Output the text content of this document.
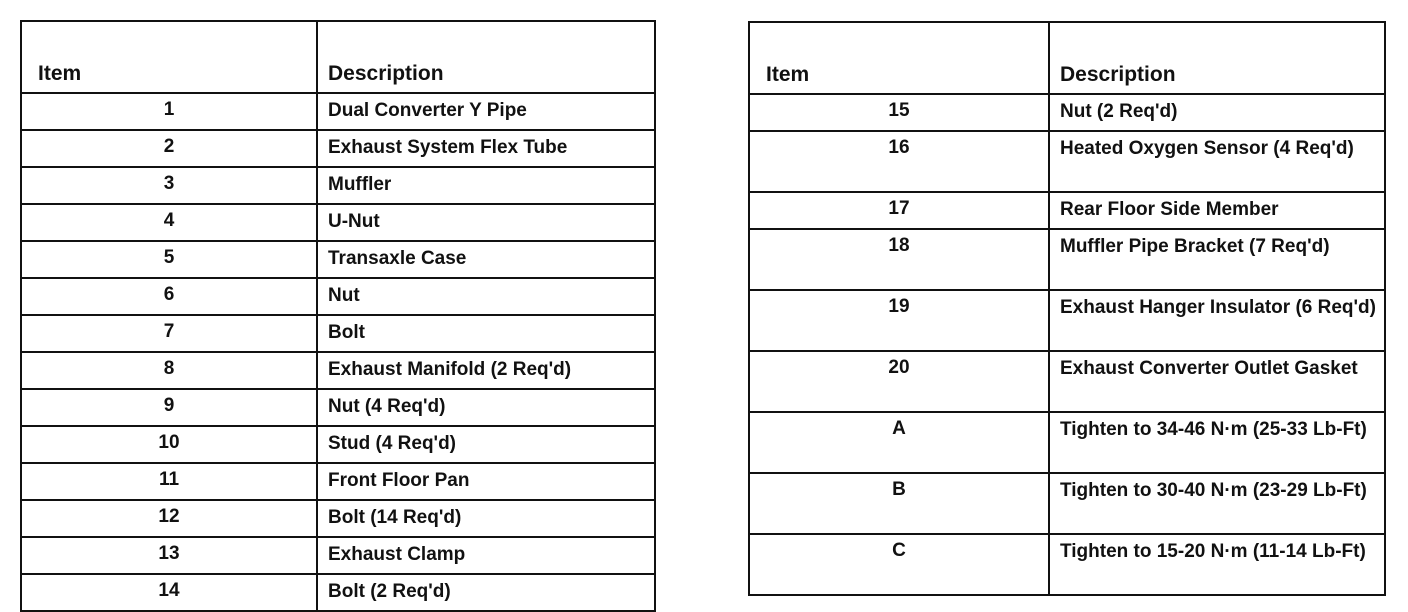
Item	Description
1	Dual Converter Y Pipe
2	Exhaust System Flex Tube
3	Muffler
4	U-Nut
5	Transaxle Case
6	Nut
7	Bolt
8	Exhaust Manifold (2 Req'd)
9	Nut (4 Req'd)
10	Stud (4 Req'd)
11	Front Floor Pan
12	Bolt (14 Req'd)
13	Exhaust Clamp
14	Bolt (2 Req'd)
Item	Description
15	Nut (2 Req'd)
16	Heated Oxygen Sensor (4 Req'd)
17	Rear Floor Side Member
18	Muffler Pipe Bracket (7 Req'd)
19	Exhaust Hanger Insulator (6 Req'd)
20	Exhaust Converter Outlet Gasket
A	Tighten to 34-46 N·m (25-33 Lb-Ft)
B	Tighten to 30-40 N·m (23-29 Lb-Ft)
C	Tighten to 15-20 N·m (11-14 Lb-Ft)
